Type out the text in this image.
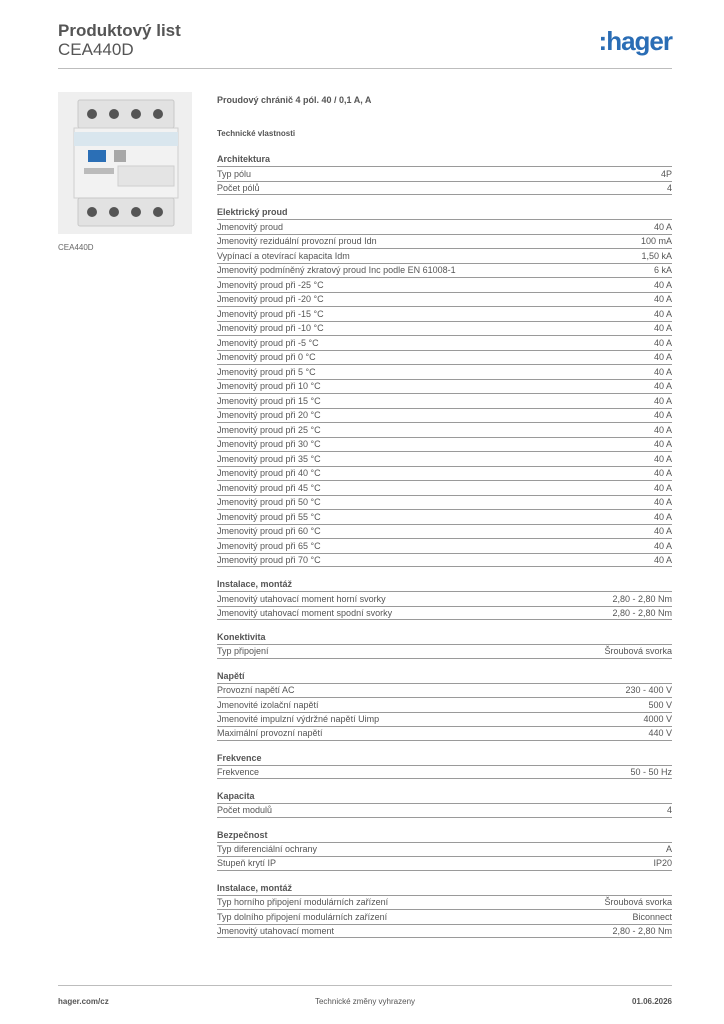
Produktový list
CEA440D	:hager
CEA440D
Proudový chránič 4 pól. 40 / 0,1 A, A
Technické vlastnosti
Architektura
Typ pólu	4P
Počet pólů	4
Elektrický proud
Jmenovitý proud	40 A
Jmenovitý reziduální provozní proud Idn	100 mA
Vypínací a otevírací kapacita Idm	1,50 kA
Jmenovitý podmíněný zkratový proud Inc podle EN 61008-1	6 kA
Jmenovitý proud při -25 °C	40 A
Jmenovitý proud při -20 °C	40 A
Jmenovitý proud při -15 °C	40 A
Jmenovitý proud při -10 °C	40 A
Jmenovitý proud při -5 °C	40 A
Jmenovitý proud při 0 °C	40 A
Jmenovitý proud při 5 °C	40 A
Jmenovitý proud při 10 °C	40 A
Jmenovitý proud při 15 °C	40 A
Jmenovitý proud při 20 °C	40 A
Jmenovitý proud při 25 °C	40 A
Jmenovitý proud při 30 °C	40 A
Jmenovitý proud při 35 °C	40 A
Jmenovitý proud při 40 °C	40 A
Jmenovitý proud při 45 °C	40 A
Jmenovitý proud při 50 °C	40 A
Jmenovitý proud při 55 °C	40 A
Jmenovitý proud při 60 °C	40 A
Jmenovitý proud při 65 °C	40 A
Jmenovitý proud při 70 °C	40 A
Instalace, montáž
Jmenovitý utahovací moment horní svorky	2,80 - 2,80 Nm
Jmenovitý utahovací moment spodní svorky	2,80 - 2,80 Nm
Konektivita
Typ připojení	Šroubová svorka
Napětí
Provozní napětí AC	230 - 400 V
Jmenovité izolační napětí	500 V
Jmenovité impulzní výdržné napětí Uimp	4000 V
Maximální provozní napětí	440 V
Frekvence
Frekvence	50 - 50 Hz
Kapacita
Počet modulů	4
Bezpečnost
Typ diferenciální ochrany	A
Stupeň krytí IP	IP20
Instalace, montáž
Typ horního připojení modulárních zařízení	Šroubová svorka
Typ dolního připojení modulárních zařízení	Biconnect
Jmenovitý utahovací moment	2,80 - 2,80 Nm
hager.com/cz	Technické změny vyhrazeny	01.06.2026
